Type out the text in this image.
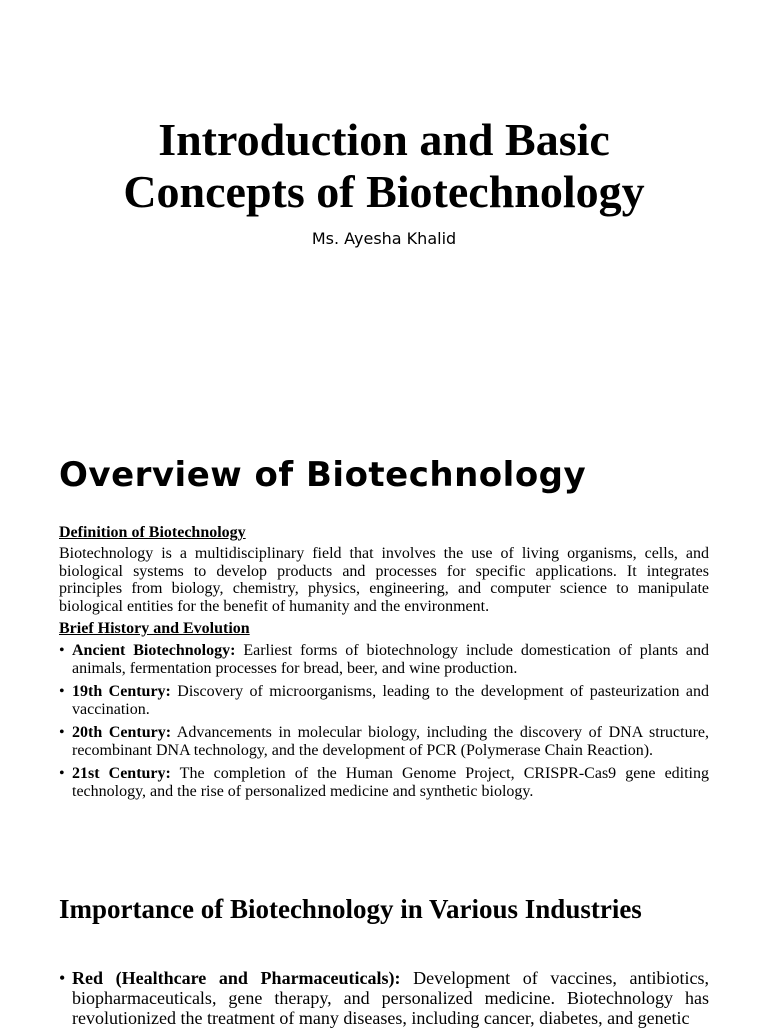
Introduction and Basic
Concepts of Biotechnology
Ms. Ayesha Khalid
Overview of Biotechnology

Definition of Biotechnology

Biotechnology is a multidisciplinary field that involves the use of living organisms, cells, and biological systems to develop products and processes for specific applications. It integrates principles from biology, chemistry, physics, engineering, and computer science to manipulate biological entities for the benefit of humanity and the environment.

Brief History and Evolution

• Ancient Biotechnology: Earliest forms of biotechnology include domestication of plants and animals, fermentation processes for bread, beer, and wine production.
• 19th Century: Discovery of microorganisms, leading to the development of pasteurization and vaccination.
• 20th Century: Advancements in molecular biology, including the discovery of DNA structure, recombinant DNA technology, and the development of PCR (Polymerase Chain Reaction).
• 21st Century: The completion of the Human Genome Project, CRISPR-Cas9 gene editing technology, and the rise of personalized medicine and synthetic biology.
Importance of Biotechnology in Various Industries
• Red (Healthcare and Pharmaceuticals): Development of vaccines, antibiotics, biopharmaceuticals, gene therapy, and personalized medicine. Biotechnology has revolutionized the treatment of many diseases, including cancer, diabetes, and genetic
